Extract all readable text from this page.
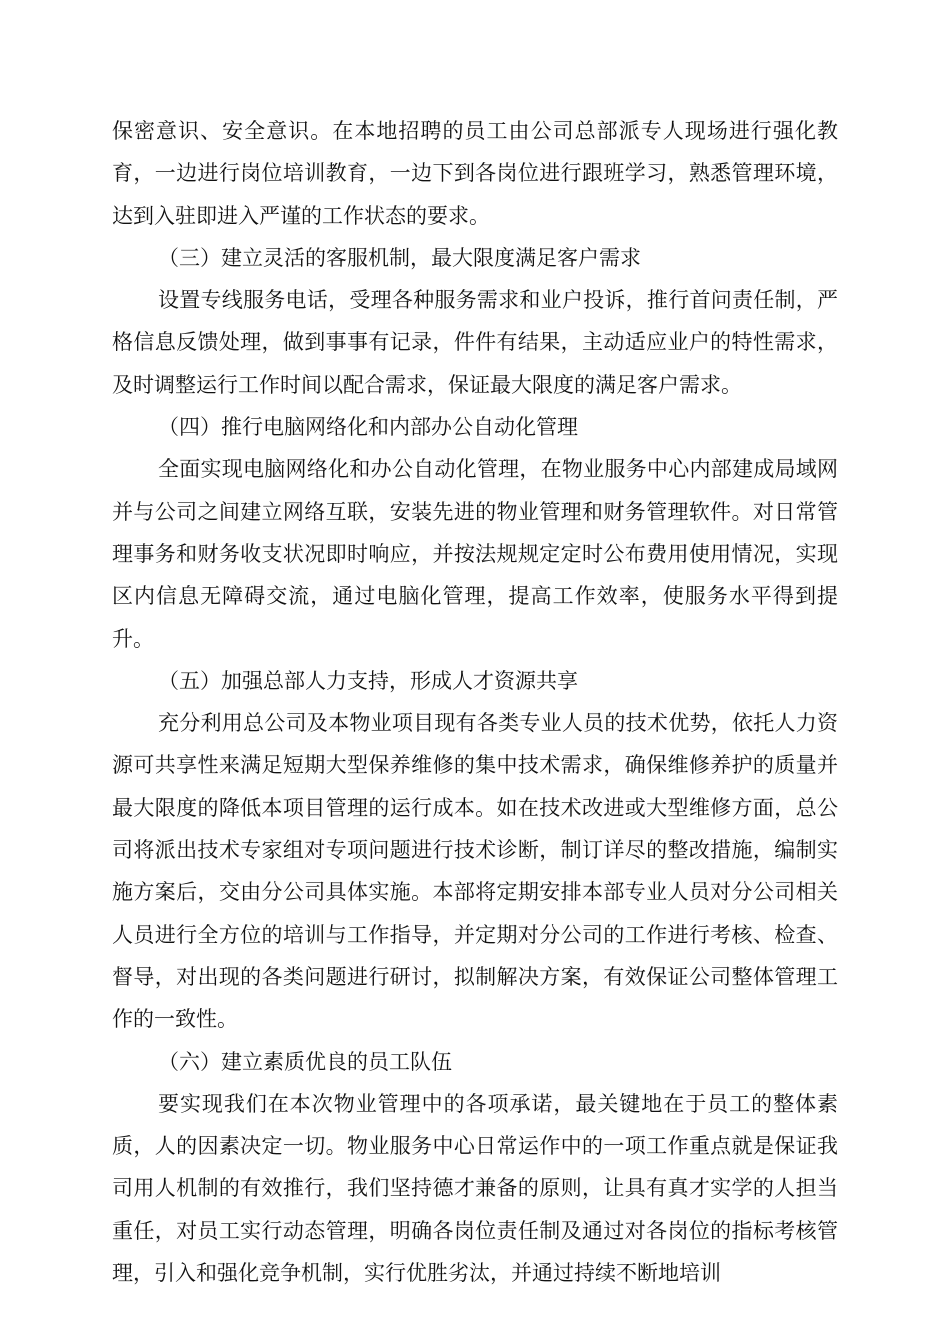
保密意识、安全意识。在本地招聘的员工由公司总部派专人现场进行强化教育，一边进行岗位培训教育，一边下到各岗位进行跟班学习，熟悉管理环境，达到入驻即进入严谨的工作状态的要求。

（三）建立灵活的客服机制，最大限度满足客户需求

设置专线服务电话，受理各种服务需求和业户投诉，推行首问责任制，严格信息反馈处理，做到事事有记录，件件有结果，主动适应业户的特性需求，及时调整运行工作时间以配合需求，保证最大限度的满足客户需求。

（四）推行电脑网络化和内部办公自动化管理

全面实现电脑网络化和办公自动化管理，在物业服务中心内部建成局域网并与公司之间建立网络互联，安装先进的物业管理和财务管理软件。对日常管理事务和财务收支状况即时响应，并按法规规定定时公布费用使用情况，实现区内信息无障碍交流，通过电脑化管理，提高工作效率，使服务水平得到提升。

（五）加强总部人力支持，形成人才资源共享

充分利用总公司及本物业项目现有各类专业人员的技术优势，依托人力资源可共享性来满足短期大型保养维修的集中技术需求，确保维修养护的质量并最大限度的降低本项目管理的运行成本。如在技术改进或大型维修方面，总公司将派出技术专家组对专项问题进行技术诊断，制订详尽的整改措施，编制实施方案后，交由分公司具体实施。本部将定期安排本部专业人员对分公司相关人员进行全方位的培训与工作指导，并定期对分公司的工作进行考核、检查、督导，对出现的各类问题进行研讨，拟制解决方案，有效保证公司整体管理工作的一致性。

（六）建立素质优良的员工队伍

要实现我们在本次物业管理中的各项承诺，最关键地在于员工的整体素质，人的因素决定一切。物业服务中心日常运作中的一项工作重点就是保证我司用人机制的有效推行，我们坚持德才兼备的原则，让具有真才实学的人担当重任，对员工实行动态管理，明确各岗位责任制及通过对各岗位的指标考核管理，引入和强化竞争机制，实行优胜劣汰，并通过持续不断地培训
